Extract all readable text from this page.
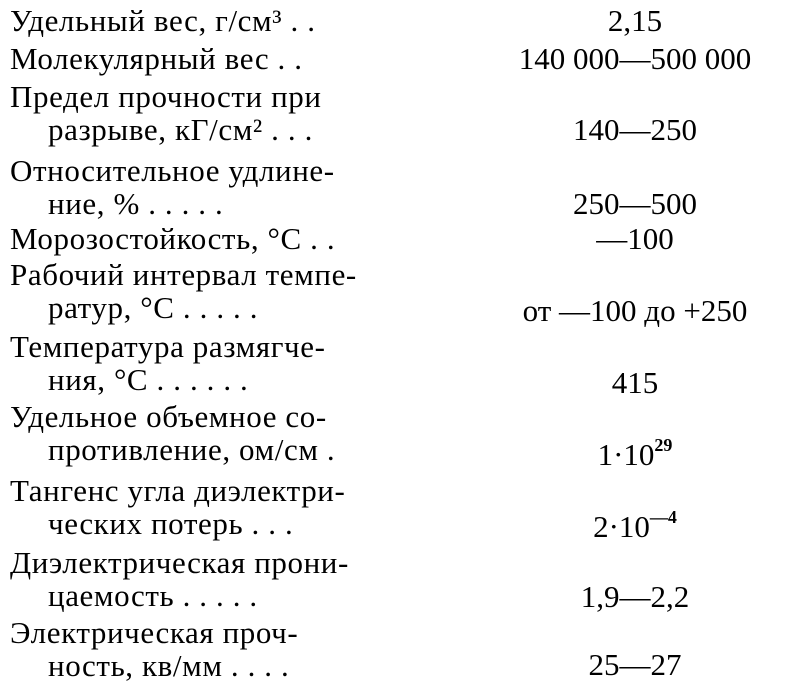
Удельный вес, г/см³ . .	2,15
Молекулярный вес . .	140 000—500 000
Предел прочности при
разрыве, кГ/см² . . .	140—250
Относительное удлине-
ние, % . . . . .	250—500
Морозостойкость, °С . .	—100
Рабочий интервал темпе-
ратур, °С . . . . .	от —100 до +250
Температура размягче-
ния, °С . . . . . .	415
Удельное объемное со-
противление, ом/см .	$1\cdot 10^{29}$
Тангенс угла диэлектри-
ческих потерь . . .	$2\cdot 10^{—4}$
Диэлектрическая прони-
цаемость . . . . .	1,9—2,2
Электрическая проч-
ность, кв/мм . . . .	25—27
